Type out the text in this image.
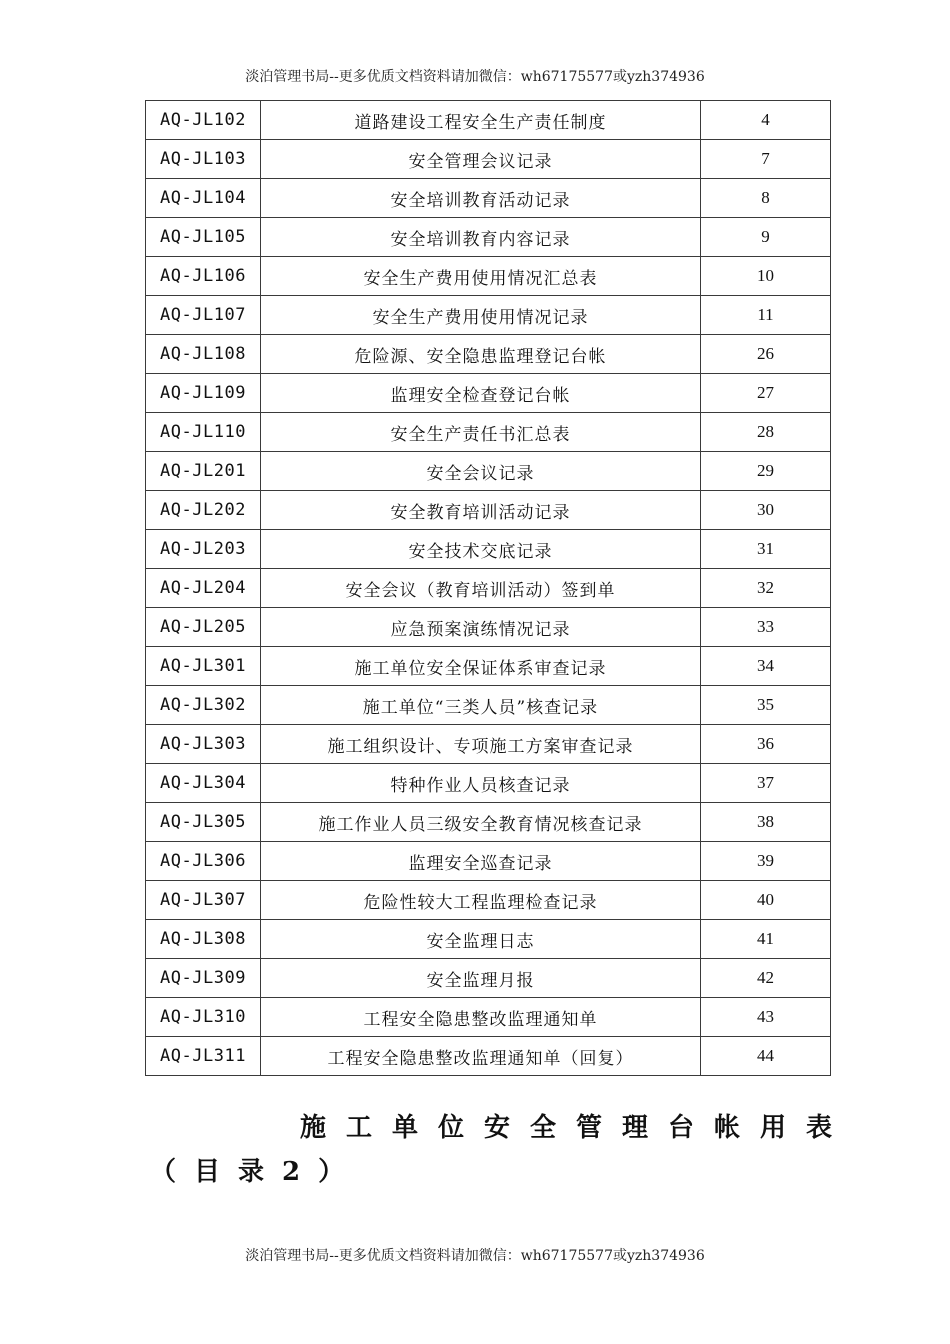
淡泊管理书局--更多优质文档资料请加微信：wh67175577或yzh374936
AQ-JL102	道路建设工程安全生产责任制度	4
AQ-JL103	安全管理会议记录	7
AQ-JL104	安全培训教育活动记录	8
AQ-JL105	安全培训教育内容记录	9
AQ-JL106	安全生产费用使用情况汇总表	10
AQ-JL107	安全生产费用使用情况记录	11
AQ-JL108	危险源、安全隐患监理登记台帐	26
AQ-JL109	监理安全检查登记台帐	27
AQ-JL110	安全生产责任书汇总表	28
AQ-JL201	安全会议记录	29
AQ-JL202	安全教育培训活动记录	30
AQ-JL203	安全技术交底记录	31
AQ-JL204	安全会议（教育培训活动）签到单	32
AQ-JL205	应急预案演练情况记录	33
AQ-JL301	施工单位安全保证体系审查记录	34
AQ-JL302	施工单位“三类人员”核查记录	35
AQ-JL303	施工组织设计、专项施工方案审查记录	36
AQ-JL304	特种作业人员核查记录	37
AQ-JL305	施工作业人员三级安全教育情况核查记录	38
AQ-JL306	监理安全巡查记录	39
AQ-JL307	危险性较大工程监理检查记录	40
AQ-JL308	安全监理日志	41
AQ-JL309	安全监理月报	42
AQ-JL310	工程安全隐患整改监理通知单	43
AQ-JL311	工程安全隐患整改监理通知单（回复）	44
施工单位安全管理台帐用表
（目录2）
淡泊管理书局--更多优质文档资料请加微信：wh67175577或yzh374936
